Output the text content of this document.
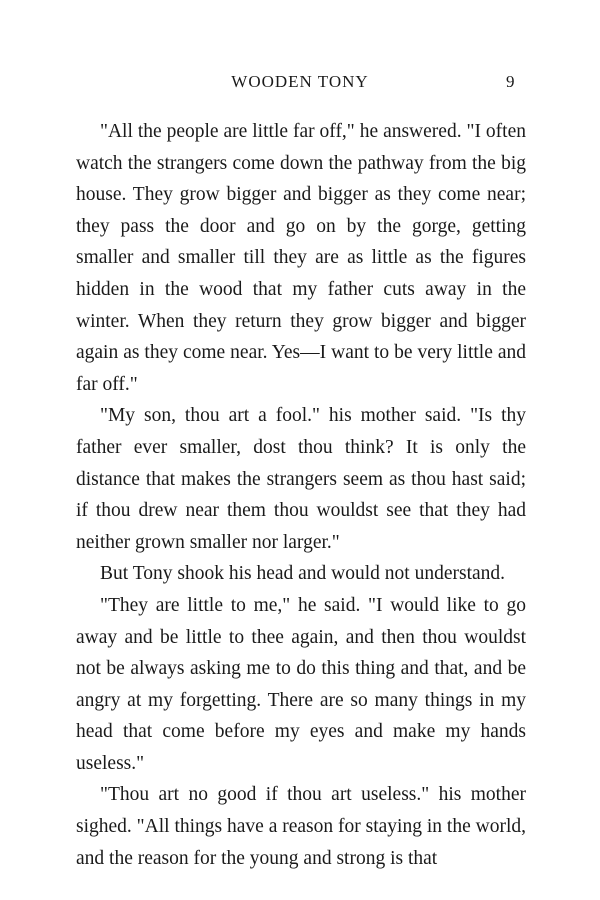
WOODEN TONY	9

"All the people are little far off," he answered. "I often watch the strangers come down the pathway from the big house. They grow bigger and bigger as they come near; they pass the door and go on by the gorge, getting smaller and smaller till they are as little as the figures hidden in the wood that my father cuts away in the winter. When they return they grow bigger and bigger again as they come near. Yes—I want to be very little and far off."

"My son, thou art a fool." his mother said. "Is thy father ever smaller, dost thou think? It is only the distance that makes the strangers seem as thou hast said; if thou drew near them thou wouldst see that they had neither grown smaller nor larger."

But Tony shook his head and would not understand.

"They are little to me," he said. "I would like to go away and be little to thee again, and then thou wouldst not be always asking me to do this thing and that, and be angry at my forgetting. There are so many things in my head that come before my eyes and make my hands useless."

"Thou art no good if thou art useless." his mother sighed. "All things have a reason for staying in the world, and the reason for the young and strong is that
